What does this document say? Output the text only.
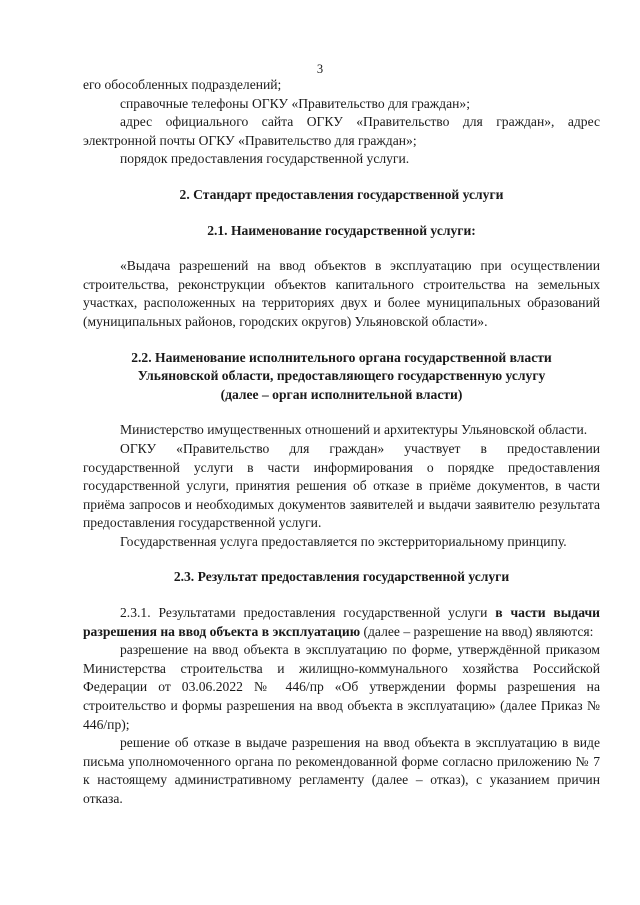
3

его обособленных подразделений;

справочные телефоны ОГКУ «Правительство для граждан»;

адрес официального сайта ОГКУ «Правительство для граждан», адрес электронной почты ОГКУ «Правительство для граждан»;

порядок предоставления государственной услуги.

2. Стандарт предоставления государственной услуги

2.1. Наименование государственной услуги:

«Выдача разрешений на ввод объектов в эксплуатацию при осуществлении строительства, реконструкции объектов капитального строительства на земельных участках, расположенных на территориях двух и более муниципальных образований (муниципальных районов, городских округов) Ульяновской области».

2.2. Наименование исполнительного органа государственной власти

Ульяновской области, предоставляющего государственную услугу

(далее – орган исполнительной власти)

Министерство имущественных отношений и архитектуры Ульяновской области.

ОГКУ «Правительство для граждан» участвует в предоставлении государственной услуги в части информирования о порядке предоставления государственной услуги, принятия решения об отказе в приёме документов, в части приёма запросов и необходимых документов заявителей и выдачи заявителю результата предоставления государственной услуги.

Государственная услуга предоставляется по экстерриториальному принципу.

2.3. Результат предоставления государственной услуги

2.3.1. Результатами предоставления государственной услуги в части выдачи разрешения на ввод объекта в эксплуатацию (далее – разрешение на ввод) являются:

разрешение на ввод объекта в эксплуатацию по форме, утверждённой приказом Министерства строительства и жилищно-коммунального хозяйства Российской Федерации от 03.06.2022 № 446/пр «Об утверждении формы разрешения на строительство и формы разрешения на ввод объекта в эксплуатацию» (далее Приказ № 446/пр);

решение об отказе в выдаче разрешения на ввод объекта в эксплуатацию в виде письма уполномоченного органа по рекомендованной форме согласно приложению № 7 к настоящему административному регламенту (далее – отказ), с указанием причин отказа.
